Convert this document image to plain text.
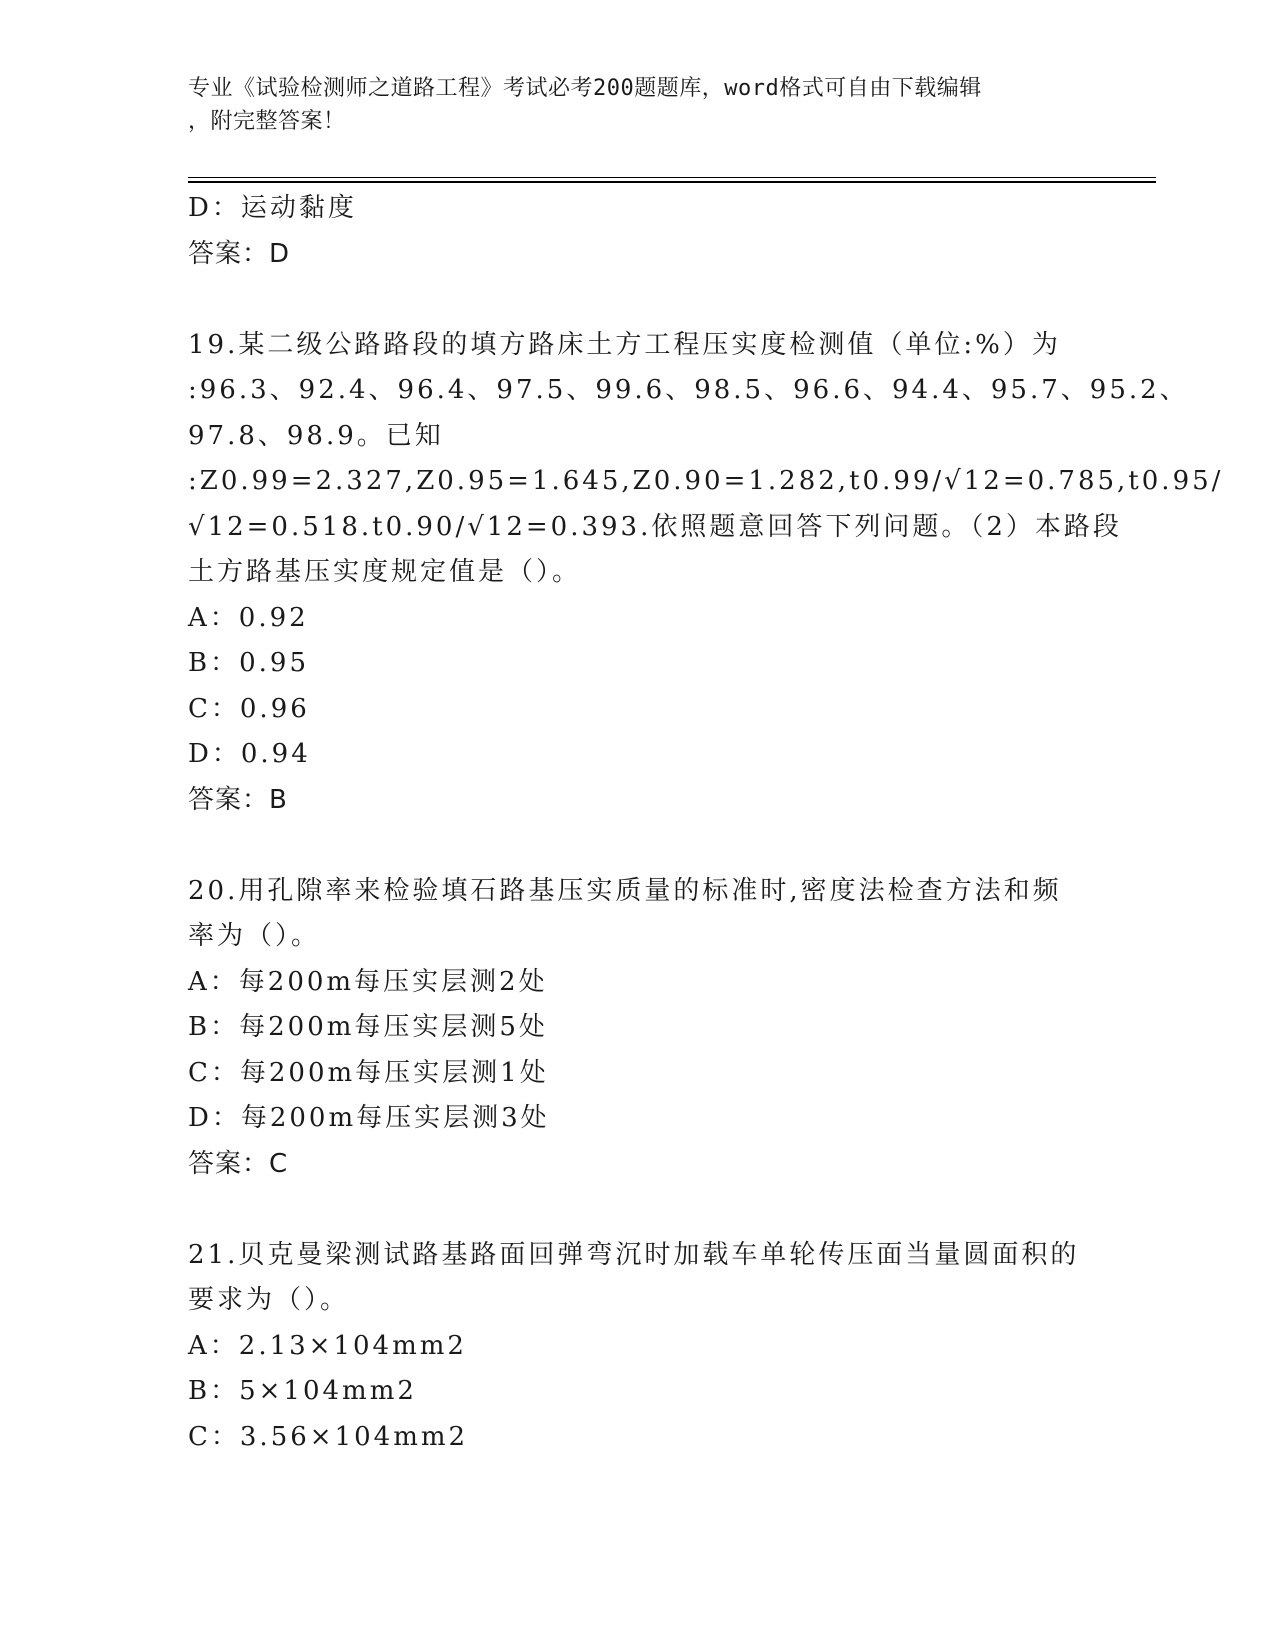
专业《试验检测师之道路工程》考试必考200题题库，word格式可自由下载编辑
，附完整答案！
D：运动黏度
答案：D
19.某二级公路路段的填方路床土方工程压实度检测值（单位:%）为
:96.3、92.4、96.4、97.5、99.6、98.5、96.6、94.4、95.7、95.2、
97.8、98.9。已知
:Z0.99=2.327,Z0.95=1.645,Z0.90=1.282,t0.99/√12=0.785,t0.95/
√12=0.518.t0.90/√12=0.393.依照题意回答下列问题。（2）本路段
土方路基压实度规定值是（）。
A：0.92
B：0.95
C：0.96
D：0.94
答案：B
20.用孔隙率来检验填石路基压实质量的标准时,密度法检查方法和频
率为（）。
A：每200m每压实层测2处
B：每200m每压实层测5处
C：每200m每压实层测1处
D：每200m每压实层测3处
答案：C
21.贝克曼梁测试路基路面回弹弯沉时加载车单轮传压面当量圆面积的
要求为（）。
A：2.13×104mm2
B：5×104mm2
C：3.56×104mm2
